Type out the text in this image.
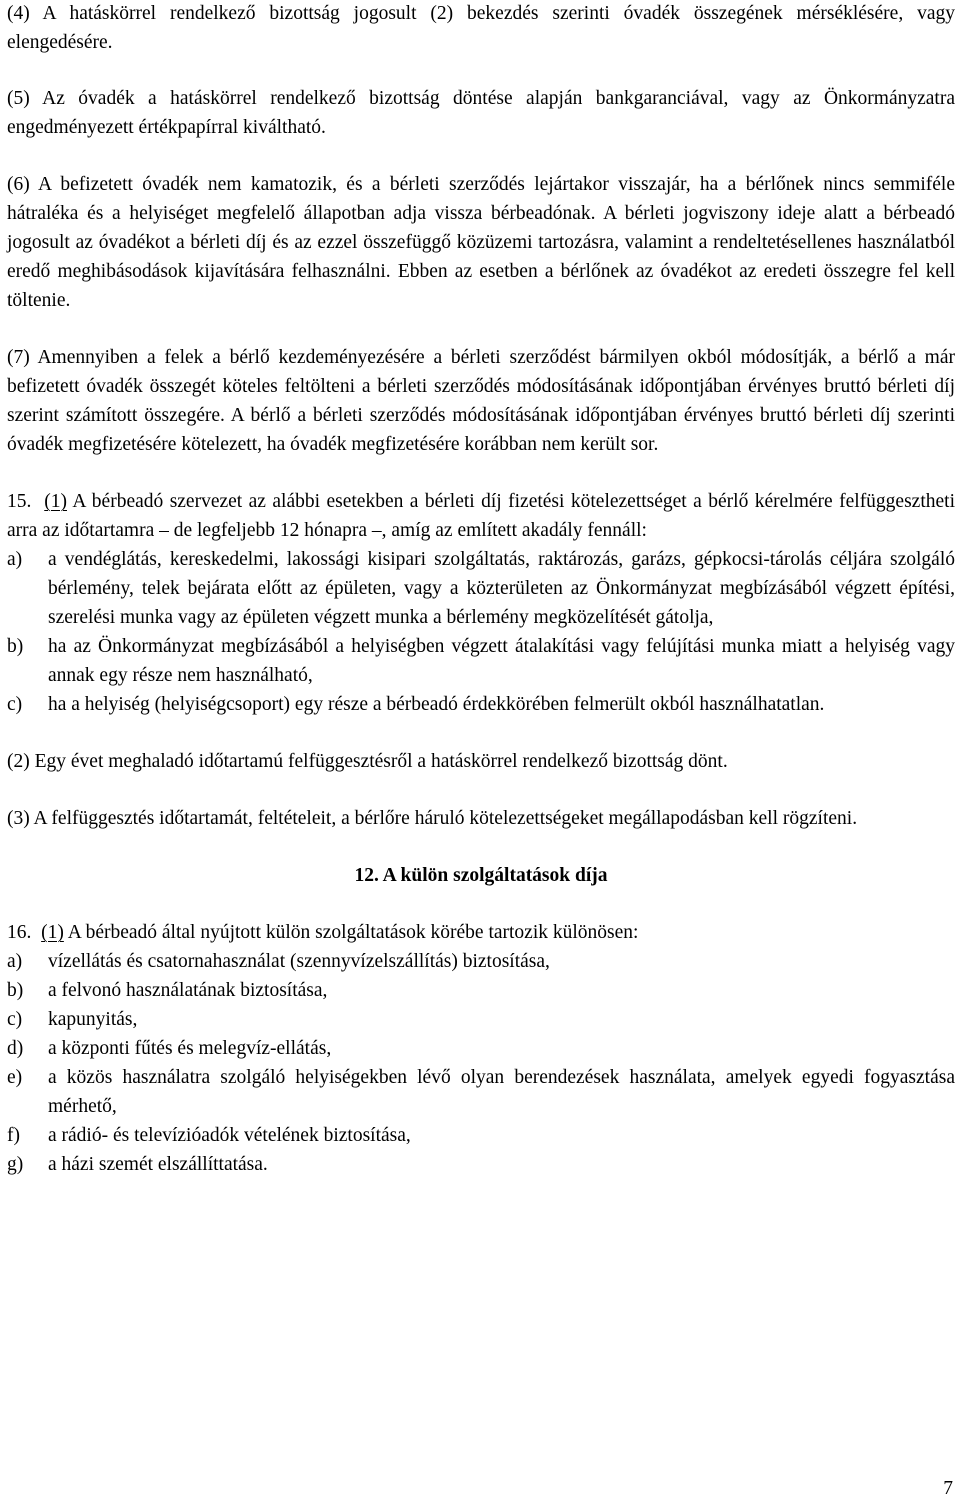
(4) A hatáskörrel rendelkező bizottság jogosult (2) bekezdés szerinti óvadék összegének mérséklésére, vagy elengedésére.

(5) Az óvadék a hatáskörrel rendelkező bizottság döntése alapján bankgaranciával, vagy az Önkormányzatra engedményezett értékpapírral kiváltható.

(6) A befizetett óvadék nem kamatozik, és a bérleti szerződés lejártakor visszajár, ha a bérlőnek nincs semmiféle hátraléka és a helyiséget megfelelő állapotban adja vissza bérbeadónak. A bérleti jogviszony ideje alatt a bérbeadó jogosult az óvadékot a bérleti díj és az ezzel összefüggő közüzemi tartozásra, valamint a rendeltetésellenes használatból eredő meghibásodások kijavítására felhasználni. Ebben az esetben a bérlőnek az óvadékot az eredeti összegre fel kell töltenie.

(7) Amennyiben a felek a bérlő kezdeményezésére a bérleti szerződést bármilyen okból módosítják, a bérlő a már befizetett óvadék összegét köteles feltölteni a bérleti szerződés módosításának időpontjában érvényes bruttó bérleti díj szerint számított összegére. A bérlő a bérleti szerződés módosításának időpontjában érvényes bruttó bérleti díj szerinti óvadék megfizetésére kötelezett, ha óvadék megfizetésére korábban nem került sor.

15. (1) A bérbeadó szervezet az alábbi esetekben a bérleti díj fizetési kötelezettséget a bérlő kérelmére felfüggesztheti arra az időtartamra – de legfeljebb 12 hónapra –, amíg az említett akadály fennáll:

a)	a vendéglátás, kereskedelmi, lakossági kisipari szolgáltatás, raktározás, garázs, gépkocsi-tárolás céljára szolgáló bérlemény, telek bejárata előtt az épületen, vagy a közterületen az Önkormányzat megbízásából végzett építési, szerelési munka vagy az épületen végzett munka a bérlemény megközelítését gátolja,
b)	ha az Önkormányzat megbízásából a helyiségben végzett átalakítási vagy felújítási munka miatt a helyiség vagy annak egy része nem használható,
c)	ha a helyiség (helyiségcsoport) egy része a bérbeadó érdekkörében felmerült okból használhatatlan.

(2) Egy évet meghaladó időtartamú felfüggesztésről a hatáskörrel rendelkező bizottság dönt.

(3) A felfüggesztés időtartamát, feltételeit, a bérlőre háruló kötelezettségeket megállapodásban kell rögzíteni.

12. A külön szolgáltatások díja

16. (1) A bérbeadó által nyújtott külön szolgáltatások körébe tartozik különösen:

a)	vízellátás és csatornahasználat (szennyvízelszállítás) biztosítása,
b)	a felvonó használatának biztosítása,
c)	kapunyitás,
d)	a központi fűtés és melegvíz-ellátás,
e)	a közös használatra szolgáló helyiségekben lévő olyan berendezések használata, amelyek egyedi fogyasztása mérhető,
f)	a rádió- és televízióadók vételének biztosítása,
g)	a házi szemét elszállíttatása.
7
